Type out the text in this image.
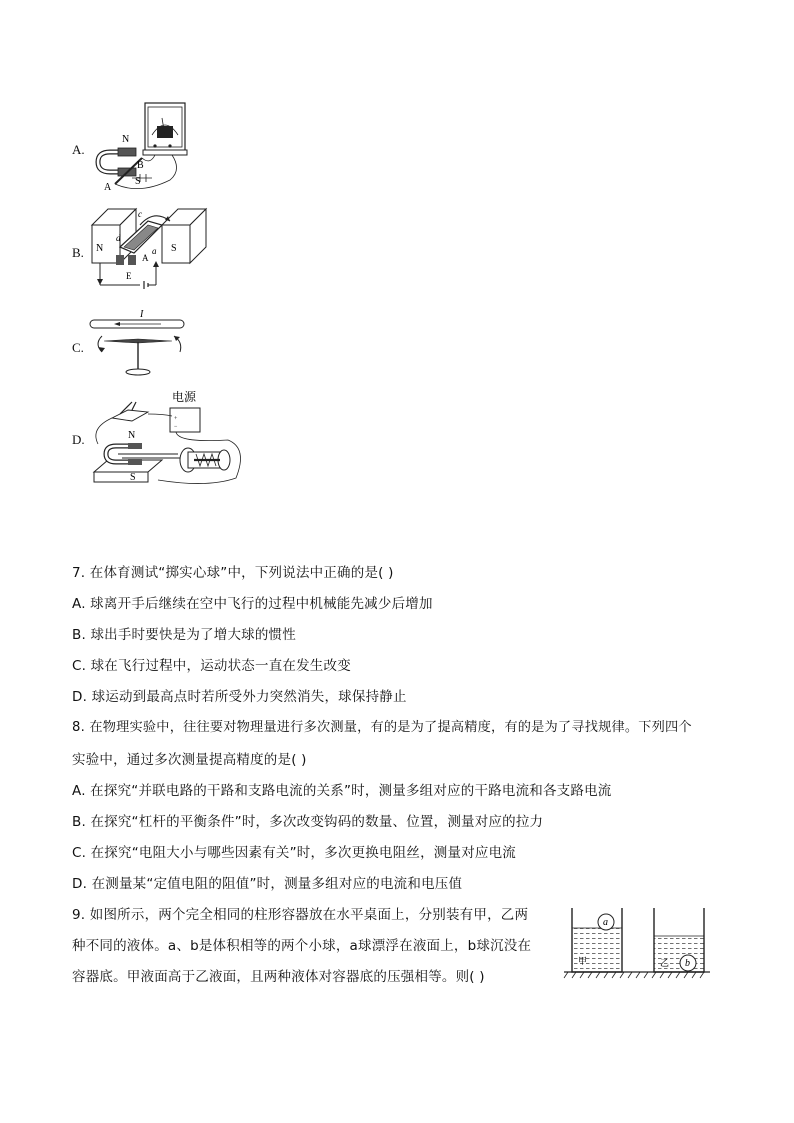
A.
N
S
A
B
B. N	S
c
d
E
A
a
C.
I
D.
+
−
电源
N
S
7. 在体育测试“掷实心球”中，下列说法中正确的是( )
A. 球离开手后继续在空中飞行的过程中机械能先减少后增加
B. 球出手时要快是为了增大球的惯性
C. 球在飞行过程中，运动状态一直在发生改变
D. 球运动到最高点时若所受外力突然消失，球保持静止
8. 在物理实验中，往往要对物理量进行多次测量，有的是为了提高精度，有的是为了寻找规律。下列四个
实验中，通过多次测量提高精度的是( )
A. 在探究“并联电路的干路和支路电流的关系”时，测量多组对应的干路电流和各支路电流
B. 在探究“杠杆的平衡条件”时，多次改变钩码的数量、位置，测量对应的拉力
C. 在探究“电阻大小与哪些因素有关”时，多次更换电阻丝，测量对应电流
D. 在测量某“定值电阻的阻值”时，测量多组对应的电流和电压值
9. 如图所示，两个完全相同的柱形容器放在水平桌面上，分别装有甲，乙两
种不同的液体。a、b是体积相等的两个小球，a球漂浮在液面上，b球沉没在
容器底。甲液面高于乙液面，且两种液体对容器底的压强相等。则( )
a
甲	b
乙
